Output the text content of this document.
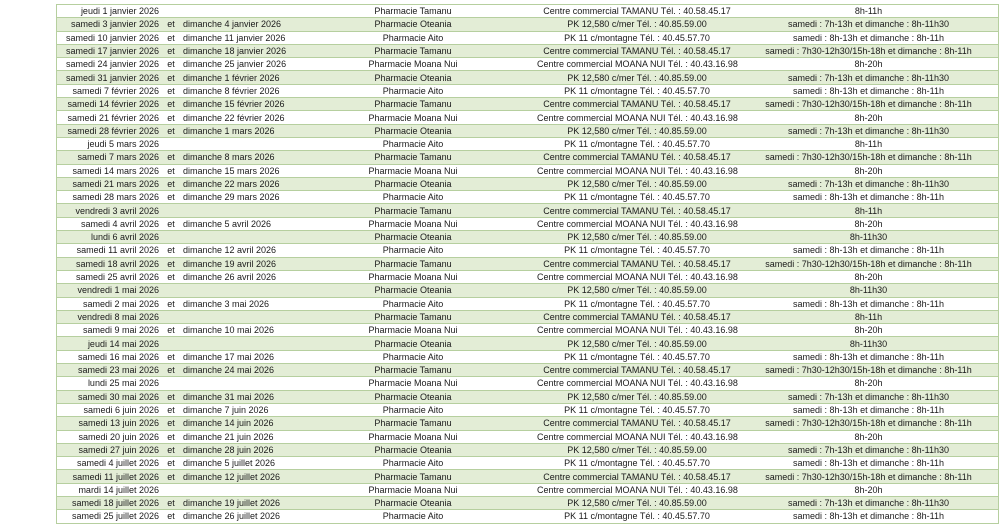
jeudi 1 janvier 2026	Pharmacie Tamanu	Centre commercial TAMANU Tél. : 40.58.45.17	8h-11h
samedi 3 janvier 2026 et dimanche 4 janvier 2026	Pharmacie Oteania	PK 12,580 c/mer Tél. : 40.85.59.00	samedi : 7h-13h et dimanche : 8h-11h30
samedi 10 janvier 2026 et dimanche 11 janvier 2026	Pharmacie Aito	PK 11 c/montagne Tél. : 40.45.57.70	samedi : 8h-13h et dimanche : 8h-11h
samedi 17 janvier 2026 et dimanche 18 janvier 2026	Pharmacie Tamanu	Centre commercial TAMANU Tél. : 40.58.45.17	samedi : 7h30-12h30/15h-18h et dimanche : 8h-11h
samedi 24 janvier 2026 et dimanche 25 janvier 2026	Pharmacie Moana Nui	Centre commercial MOANA NUI Tél. : 40.43.16.98	8h-20h
samedi 31 janvier 2026 et dimanche 1 février 2026	Pharmacie Oteania	PK 12,580 c/mer Tél. : 40.85.59.00	samedi : 7h-13h et dimanche : 8h-11h30
samedi 7 février 2026 et dimanche 8 février 2026	Pharmacie Aito	PK 11 c/montagne Tél. : 40.45.57.70	samedi : 8h-13h et dimanche : 8h-11h
samedi 14 février 2026 et dimanche 15 février 2026	Pharmacie Tamanu	Centre commercial TAMANU Tél. : 40.58.45.17	samedi : 7h30-12h30/15h-18h et dimanche : 8h-11h
samedi 21 février 2026 et dimanche 22 février 2026	Pharmacie Moana Nui	Centre commercial MOANA NUI Tél. : 40.43.16.98	8h-20h
samedi 28 février 2026 et dimanche 1 mars 2026	Pharmacie Oteania	PK 12,580 c/mer Tél. : 40.85.59.00	samedi : 7h-13h et dimanche : 8h-11h30
jeudi 5 mars 2026	Pharmacie Aito	PK 11 c/montagne Tél. : 40.45.57.70	8h-11h
samedi 7 mars 2026 et dimanche 8 mars 2026	Pharmacie Tamanu	Centre commercial TAMANU Tél. : 40.58.45.17	samedi : 7h30-12h30/15h-18h et dimanche : 8h-11h
samedi 14 mars 2026 et dimanche 15 mars 2026	Pharmacie Moana Nui	Centre commercial MOANA NUI Tél. : 40.43.16.98	8h-20h
samedi 21 mars 2026 et dimanche 22 mars 2026	Pharmacie Oteania	PK 12,580 c/mer Tél. : 40.85.59.00	samedi : 7h-13h et dimanche : 8h-11h30
samedi 28 mars 2026 et dimanche 29 mars 2026	Pharmacie Aito	PK 11 c/montagne Tél. : 40.45.57.70	samedi : 8h-13h et dimanche : 8h-11h
vendredi 3 avril 2026	Pharmacie Tamanu	Centre commercial TAMANU Tél. : 40.58.45.17	8h-11h
samedi 4 avril 2026 et dimanche 5 avril 2026	Pharmacie Moana Nui	Centre commercial MOANA NUI Tél. : 40.43.16.98	8h-20h
lundi 6 avril 2026	Pharmacie Oteania	PK 12,580 c/mer Tél. : 40.85.59.00	8h-11h30
samedi 11 avril 2026 et dimanche 12 avril 2026	Pharmacie Aito	PK 11 c/montagne Tél. : 40.45.57.70	samedi : 8h-13h et dimanche : 8h-11h
samedi 18 avril 2026 et dimanche 19 avril 2026	Pharmacie Tamanu	Centre commercial TAMANU Tél. : 40.58.45.17	samedi : 7h30-12h30/15h-18h et dimanche : 8h-11h
samedi 25 avril 2026 et dimanche 26 avril 2026	Pharmacie Moana Nui	Centre commercial MOANA NUI Tél. : 40.43.16.98	8h-20h
vendredi 1 mai 2026	Pharmacie Oteania	PK 12,580 c/mer Tél. : 40.85.59.00	8h-11h30
samedi 2 mai 2026 et dimanche 3 mai 2026	Pharmacie Aito	PK 11 c/montagne Tél. : 40.45.57.70	samedi : 8h-13h et dimanche : 8h-11h
vendredi 8 mai 2026	Pharmacie Tamanu	Centre commercial TAMANU Tél. : 40.58.45.17	8h-11h
samedi 9 mai 2026 et dimanche 10 mai 2026	Pharmacie Moana Nui	Centre commercial MOANA NUI Tél. : 40.43.16.98	8h-20h
jeudi 14 mai 2026	Pharmacie Oteania	PK 12,580 c/mer Tél. : 40.85.59.00	8h-11h30
samedi 16 mai 2026 et dimanche 17 mai 2026	Pharmacie Aito	PK 11 c/montagne Tél. : 40.45.57.70	samedi : 8h-13h et dimanche : 8h-11h
samedi 23 mai 2026 et dimanche 24 mai 2026	Pharmacie Tamanu	Centre commercial TAMANU Tél. : 40.58.45.17	samedi : 7h30-12h30/15h-18h et dimanche : 8h-11h
lundi 25 mai 2026	Pharmacie Moana Nui	Centre commercial MOANA NUI Tél. : 40.43.16.98	8h-20h
samedi 30 mai 2026 et dimanche 31 mai 2026	Pharmacie Oteania	PK 12,580 c/mer Tél. : 40.85.59.00	samedi : 7h-13h et dimanche : 8h-11h30
samedi 6 juin 2026 et dimanche 7 juin 2026	Pharmacie Aito	PK 11 c/montagne Tél. : 40.45.57.70	samedi : 8h-13h et dimanche : 8h-11h
samedi 13 juin 2026 et dimanche 14 juin 2026	Pharmacie Tamanu	Centre commercial TAMANU Tél. : 40.58.45.17	samedi : 7h30-12h30/15h-18h et dimanche : 8h-11h
samedi 20 juin 2026 et dimanche 21 juin 2026	Pharmacie Moana Nui	Centre commercial MOANA NUI Tél. : 40.43.16.98	8h-20h
samedi 27 juin 2026 et dimanche 28 juin 2026	Pharmacie Oteania	PK 12,580 c/mer Tél. : 40.85.59.00	samedi : 7h-13h et dimanche : 8h-11h30
samedi 4 juillet 2026 et dimanche 5 juillet 2026	Pharmacie Aito	PK 11 c/montagne Tél. : 40.45.57.70	samedi : 8h-13h et dimanche : 8h-11h
samedi 11 juillet 2026 et dimanche 12 juillet 2026	Pharmacie Tamanu	Centre commercial TAMANU Tél. : 40.58.45.17	samedi : 7h30-12h30/15h-18h et dimanche : 8h-11h
mardi 14 juillet 2026	Pharmacie Moana Nui	Centre commercial MOANA NUI Tél. : 40.43.16.98	8h-20h
samedi 18 juillet 2026 et dimanche 19 juillet 2026	Pharmacie Oteania	PK 12,580 c/mer Tél. : 40.85.59.00	samedi : 7h-13h et dimanche : 8h-11h30
samedi 25 juillet 2026 et dimanche 26 juillet 2026	Pharmacie Aito	PK 11 c/montagne Tél. : 40.45.57.70	samedi : 8h-13h et dimanche : 8h-11h
